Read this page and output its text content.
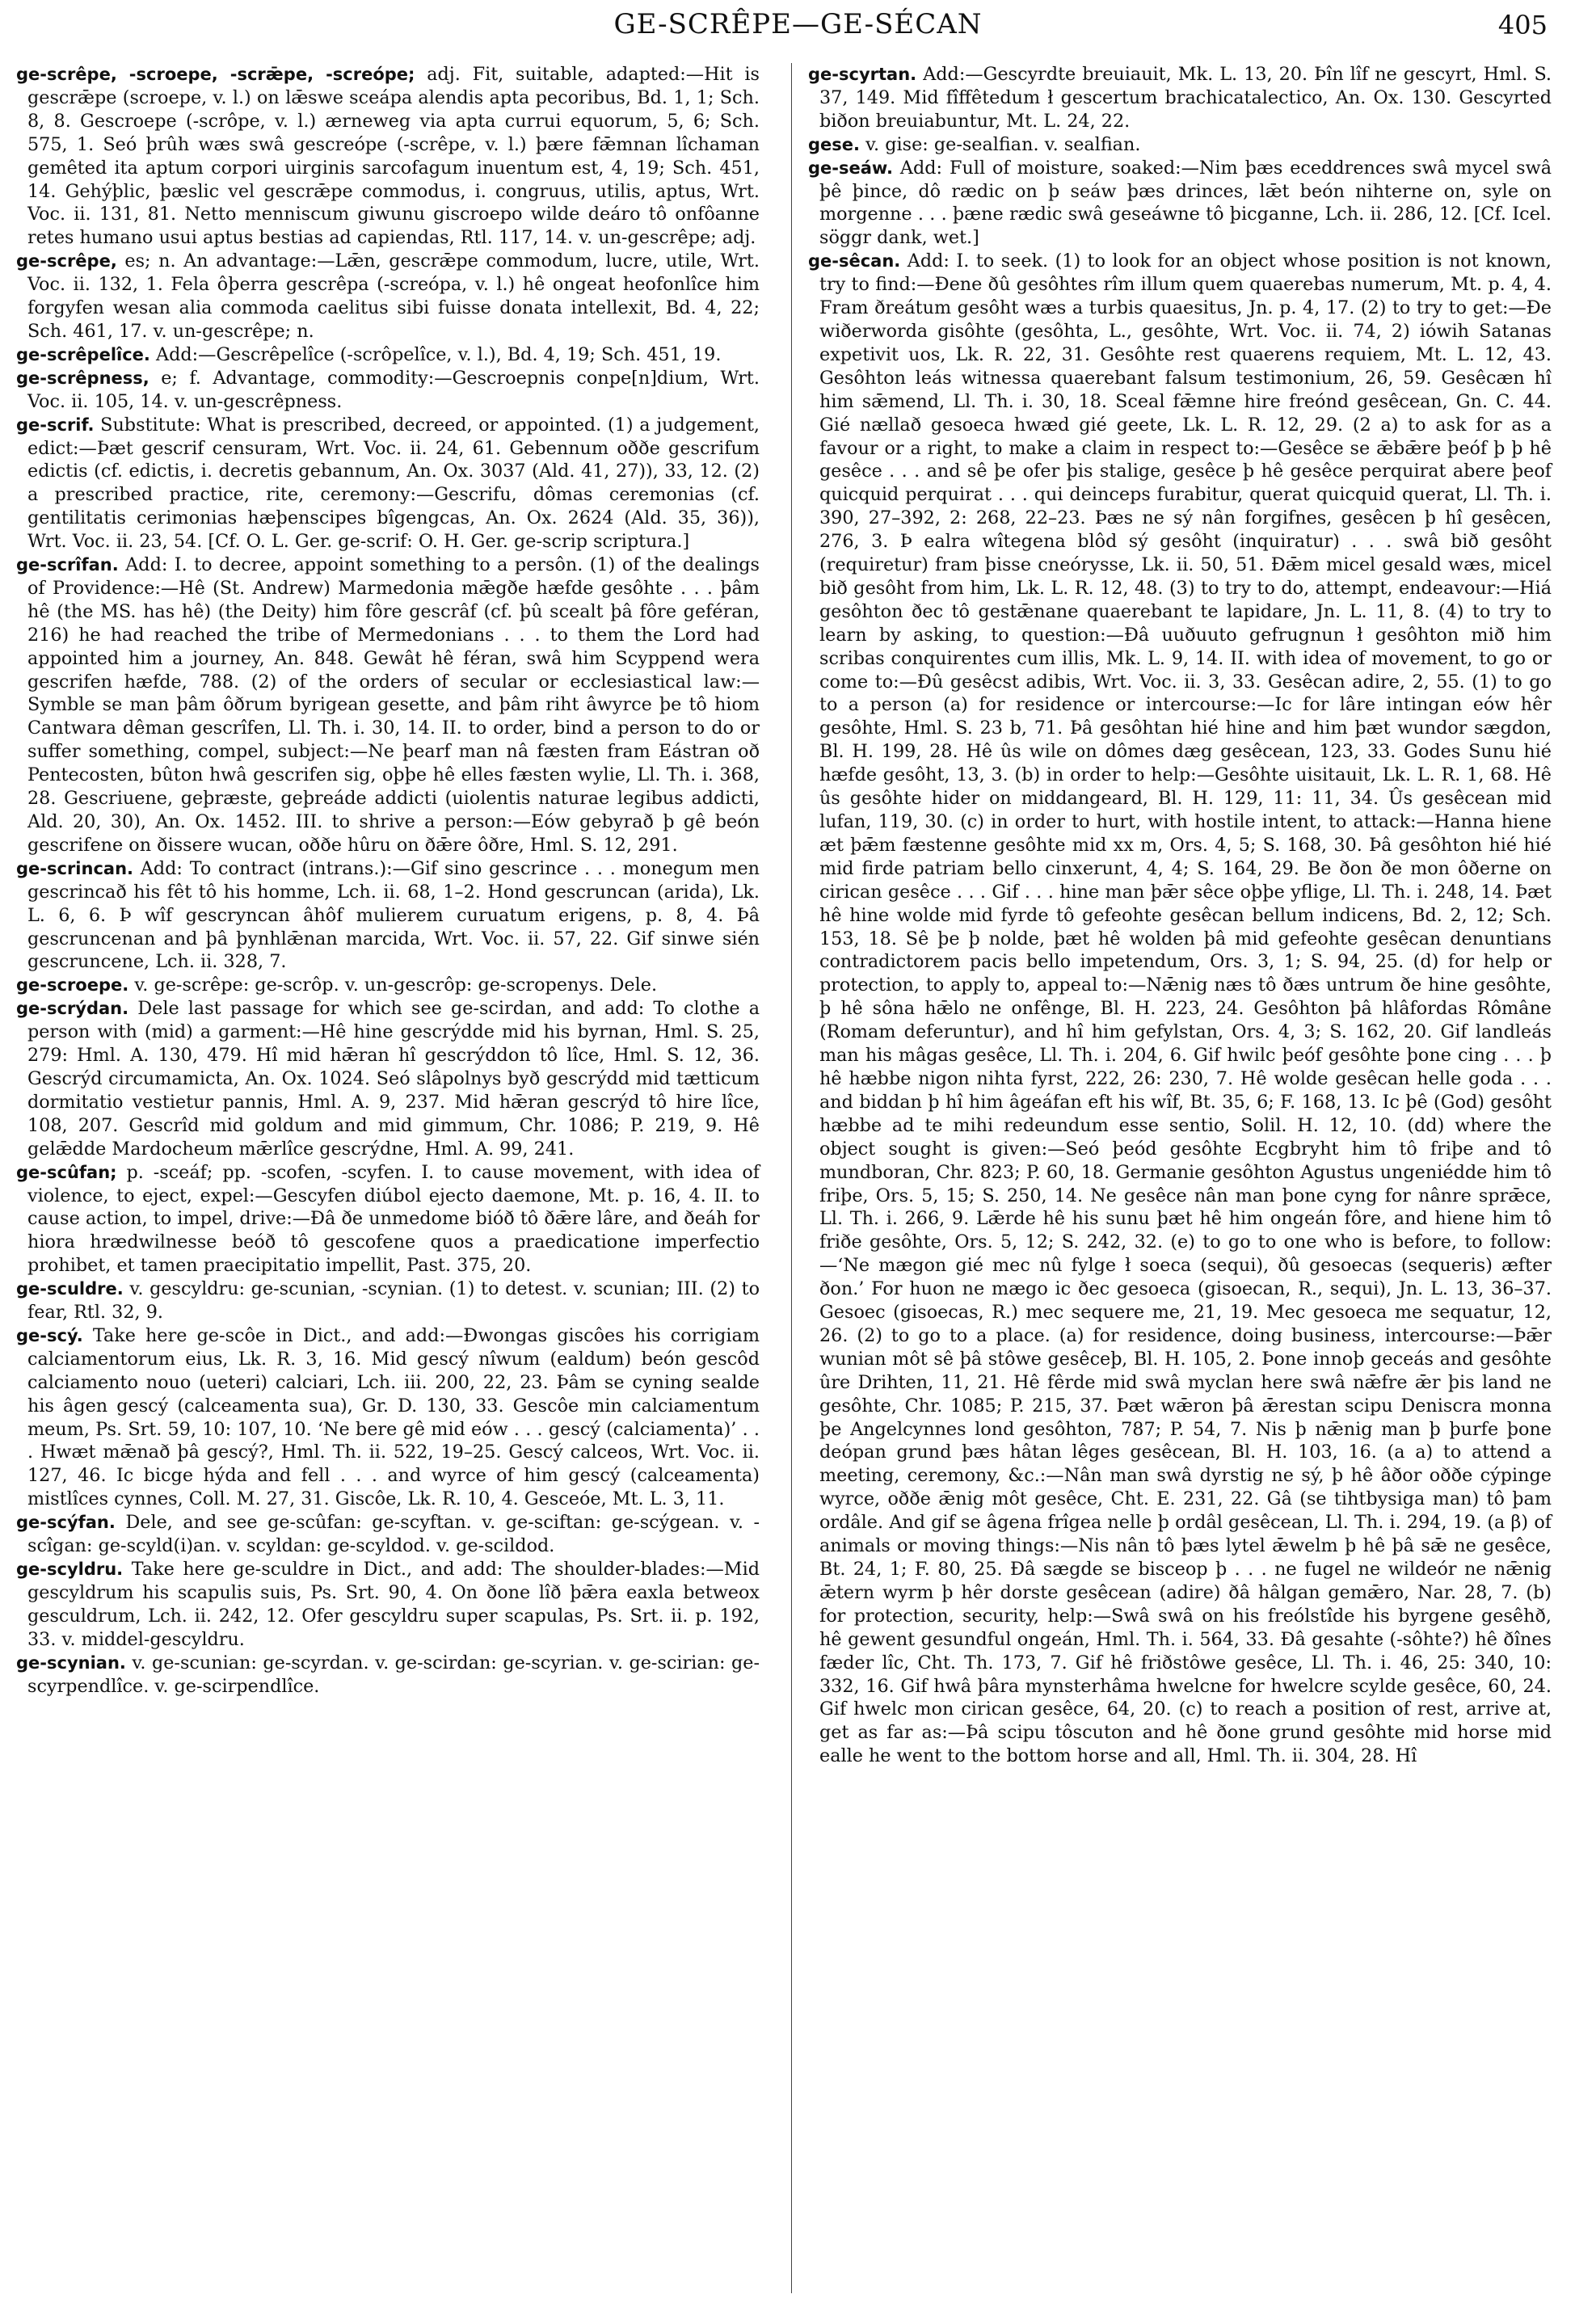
GE-SCRÊPE—GE-SÉCAN	405

ge-scrêpe, -scroepe, -scrǣpe, -screópe; adj. Fit, suitable, adapted:—Hit is gescrǣpe (scroepe, v. l.) on lǣswe sceápa alendis apta pecoribus, Bd. 1, 1; Sch. 8, 8. Gescroepe (-scrôpe, v. l.) ærneweg via apta currui equorum, 5, 6; Sch. 575, 1. Seó þrûh wæs swâ gescreópe (-scrêpe, v. l.) þære fǣmnan lîchaman gemêted ita aptum corpori uirginis sarcofagum inuentum est, 4, 19; Sch. 451, 14. Gehýþlic, þæslic vel gescrǣpe commodus, i. congruus, utilis, aptus, Wrt. Voc. ii. 131, 81. Netto menniscum giwunu giscroepo wilde deáro tô onfôanne retes humano usui aptus bestias ad capiendas, Rtl. 117, 14. v. un-gescrêpe; adj.

ge-scrêpe, es; n. An advantage:—Lǣn, gescrǣpe commodum, lucre, utile, Wrt. Voc. ii. 132, 1. Fela ôþerra gescrêpa (-screópa, v. l.) hê ongeat heofonlîce him forgyfen wesan alia commoda caelitus sibi fuisse donata intellexit, Bd. 4, 22; Sch. 461, 17. v. un-gescrêpe; n.

ge-scrêpelîce. Add:—Gescrêpelîce (-scrôpelîce, v. l.), Bd. 4, 19; Sch. 451, 19.

ge-scrêpness, e; f. Advantage, commodity:—Gescroepnis conpe[n]dium, Wrt. Voc. ii. 105, 14. v. un-gescrêpness.

ge-scrif. Substitute: What is prescribed, decreed, or appointed. (1) a judgement, edict:—Þæt gescrif censuram, Wrt. Voc. ii. 24, 61. Gebennum oððe gescrifum edictis (cf. edictis, i. decretis gebannum, An. Ox. 3037 (Ald. 41, 27)), 33, 12. (2) a prescribed practice, rite, ceremony:—Gescrifu, dômas ceremonias (cf. gentilitatis cerimonias hæþenscipes bîgengcas, An. Ox. 2624 (Ald. 35, 36)), Wrt. Voc. ii. 23, 54. [Cf. O. L. Ger. ge-scrif: O. H. Ger. ge-scrip scriptura.]

ge-scrîfan. Add: I. to decree, appoint something to a persôn. (1) of the dealings of Providence:—Hê (St. Andrew) Marmedonia mǣgðe hæfde gesôhte . . . þâm hê (the MS. has hê) (the Deity) him fôre gescrâf (cf. þû scealt þâ fôre geféran, 216) he had reached the tribe of Mermedonians . . . to them the Lord had appointed him a journey, An. 848. Gewât hê féran, swâ him Scyppend wera gescrifen hæfde, 788. (2) of the orders of secular or ecclesiastical law:—Symble se man þâm ôðrum byrigean gesette, and þâm riht âwyrce þe tô hiom Cantwara dêman gescrîfen, Ll. Th. i. 30, 14. II. to order, bind a person to do or suffer something, compel, subject:—Ne þearf man nâ fæsten fram Eástran oð Pentecosten, bûton hwâ gescrifen sig, oþþe hê elles fæsten wylie, Ll. Th. i. 368, 28. Gescriuene, geþræste, geþreáde addicti (uiolentis naturae legibus addicti, Ald. 20, 30), An. Ox. 1452. III. to shrive a person:—Eów gebyrað þ gê beón gescrifene on ðissere wucan, oððe hûru on ðǣre ôðre, Hml. S. 12, 291.

ge-scrincan. Add: To contract (intrans.):—Gif sino gescrince . . . monegum men gescrincað his fêt tô his homme, Lch. ii. 68, 1–2. Hond gescruncan (arida), Lk. L. 6, 6. Þ wîf gescryncan âhôf mulierem curuatum erigens, p. 8, 4. Þâ gescruncenan and þâ þynhlǣnan marcida, Wrt. Voc. ii. 57, 22. Gif sinwe sién gescruncene, Lch. ii. 328, 7.

ge-scroepe. v. ge-scrêpe: ge-scrôp. v. un-gescrôp: ge-scropenys. Dele.

ge-scrýdan. Dele last passage for which see ge-scirdan, and add: To clothe a person with (mid) a garment:—Hê hine gescrýdde mid his byrnan, Hml. S. 25, 279: Hml. A. 130, 479. Hî mid hǣran hî gescrýddon tô lîce, Hml. S. 12, 36. Gescrýd circumamicta, An. Ox. 1024. Seó slâpolnys byð gescrýdd mid tætticum dormitatio vestietur pannis, Hml. A. 9, 237. Mid hǣran gescrýd tô hire lîce, 108, 207. Gescrîd mid goldum and mid gimmum, Chr. 1086; P. 219, 9. Hê gelǣdde Mardocheum mǣrlîce gescrýdne, Hml. A. 99, 241.

ge-scûfan; p. -sceáf; pp. -scofen, -scyfen. I. to cause movement, with idea of violence, to eject, expel:—Gescyfen diúbol ejecto daemone, Mt. p. 16, 4. II. to cause action, to impel, drive:—Ðâ ðe unmedome bióð tô ðǣre lâre, and ðeáh for hiora hrædwilnesse beóð tô gescofene quos a praedicatione imperfectio prohibet, et tamen praecipitatio impellit, Past. 375, 20.

ge-sculdre. v. gescyldru: ge-scunian, -scynian. (1) to detest. v. scunian; III. (2) to fear, Rtl. 32, 9.

ge-scý. Take here ge-scôe in Dict., and add:—Ðwongas giscôes his corrigiam calciamentorum eius, Lk. R. 3, 16. Mid gescý nîwum (ealdum) beón gescôd calciamento nouo (ueteri) calciari, Lch. iii. 200, 22, 23. Þâm se cyning sealde his âgen gescý (calceamenta sua), Gr. D. 130, 33. Gescôe min calciamentum meum, Ps. Srt. 59, 10: 107, 10. ‘Ne bere gê mid eów . . . gescý (calciamenta)’ . . . Hwæt mǣnað þâ gescý?, Hml. Th. ii. 522, 19–25. Gescý calceos, Wrt. Voc. ii. 127, 46. Ic bicge hýda and fell . . . and wyrce of him gescý (calceamenta) mistlîces cynnes, Coll. M. 27, 31. Giscôe, Lk. R. 10, 4. Gesceóe, Mt. L. 3, 11.

ge-scýfan. Dele, and see ge-scûfan: ge-scyftan. v. ge-sciftan: ge-scýgean. v. -scîgan: ge-scyld(i)an. v. scyldan: ge-scyldod. v. ge-scildod.

ge-scyldru. Take here ge-sculdre in Dict., and add: The shoulder-blades:—Mid gescyldrum his scapulis suis, Ps. Srt. 90, 4. On ðone lîð þǣra eaxla betweox gesculdrum, Lch. ii. 242, 12. Ofer gescyldru super scapulas, Ps. Srt. ii. p. 192, 33. v. middel-gescyldru.

ge-scynian. v. ge-scunian: ge-scyrdan. v. ge-scirdan: ge-scyrian. v. ge-scirian: ge-scyrpendlîce. v. ge-scirpendlîce.

ge-scyrtan. Add:—Gescyrdte breuiauit, Mk. L. 13, 20. Þîn lîf ne gescyrt, Hml. S. 37, 149. Mid fîffêtedum ł gescertum brachicatalectico, An. Ox. 130. Gescyrted biðon breuiabuntur, Mt. L. 24, 22.

gese. v. gise: ge-sealfian. v. sealfian.

ge-seáw. Add: Full of moisture, soaked:—Nim þæs eceddrences swâ mycel swâ þê þince, dô rædic on þ seáw þæs drinces, lǣt beón nihterne on, syle on morgenne . . . þæne rædic swâ geseáwne tô þicganne, Lch. ii. 286, 12. [Cf. Icel. söggr dank, wet.]

ge-sêcan. Add: I. to seek. (1) to look for an object whose position is not known, try to find:—Ðene ðû gesôhtes rîm illum quem quaerebas numerum, Mt. p. 4, 4. Fram ðreátum gesôht wæs a turbis quaesitus, Jn. p. 4, 17. (2) to try to get:—Ðe wiðerworda gisôhte (gesôhta, L., gesôhte, Wrt. Voc. ii. 74, 2) iówih Satanas expetivit uos, Lk. R. 22, 31. Gesôhte rest quaerens requiem, Mt. L. 12, 43. Gesôhton leás witnessa quaerebant falsum testimonium, 26, 59. Gesêcæn hî him sǣmend, Ll. Th. i. 30, 18. Sceal fǣmne hire freónd gesêcean, Gn. C. 44. Gié nællað gesoeca hwæd gié geete, Lk. L. R. 12, 29. (2 a) to ask for as a favour or a right, to make a claim in respect to:—Gesêce se ǣbǣre þeóf þ þ hê gesêce . . . and sê þe ofer þis stalige, gesêce þ hê gesêce perquirat abere þeof quicquid perquirat . . . qui deinceps furabitur, querat quicquid querat, Ll. Th. i. 390, 27–392, 2: 268, 22–23. Þæs ne sý nân forgifnes, gesêcen þ hî gesêcen, 276, 3. Þ ealra wîtegena blôd sý gesôht (inquiratur) . . . swâ bið gesôht (requiretur) fram þisse cneórysse, Lk. ii. 50, 51. Ðǣm micel gesald wæs, micel bið gesôht from him, Lk. L. R. 12, 48. (3) to try to do, attempt, endeavour:—Hiá gesôhton ðec tô gestǣnane quaerebant te lapidare, Jn. L. 11, 8. (4) to try to learn by asking, to question:—Ðâ uuðuuto gefrugnun ł gesôhton mið him scribas conquirentes cum illis, Mk. L. 9, 14. II. with idea of movement, to go or come to:—Ðû gesêcst adibis, Wrt. Voc. ii. 3, 33. Gesêcan adire, 2, 55. (1) to go to a person (a) for residence or intercourse:—Ic for lâre intingan eów hêr gesôhte, Hml. S. 23 b, 71. Þâ gesôhtan hié hine and him þæt wundor sægdon, Bl. H. 199, 28. Hê ûs wile on dômes dæg gesêcean, 123, 33. Godes Sunu hié hæfde gesôht, 13, 3. (b) in order to help:—Gesôhte uisitauit, Lk. L. R. 1, 68. Hê ûs gesôhte hider on middangeard, Bl. H. 129, 11: 11, 34. Ûs gesêcean mid lufan, 119, 30. (c) in order to hurt, with hostile intent, to attack:—Hanna hiene æt þǣm fæstenne gesôhte mid xx m, Ors. 4, 5; S. 168, 30. Þâ gesôhton hié hié mid firde patriam bello cinxerunt, 4, 4; S. 164, 29. Be ðon ðe mon ôðerne on cirican gesêce . . . Gif . . . hine man þǣr sêce oþþe yflige, Ll. Th. i. 248, 14. Þæt hê hine wolde mid fyrde tô gefeohte gesêcan bellum indicens, Bd. 2, 12; Sch. 153, 18. Sê þe þ nolde, þæt hê wolden þâ mid gefeohte gesêcan denuntians contradictorem pacis bello impetendum, Ors. 3, 1; S. 94, 25. (d) for help or protection, to apply to, appeal to:—Nǣnig næs tô ðæs untrum ðe hine gesôhte, þ hê sôna hǣlo ne onfênge, Bl. H. 223, 24. Gesôhton þâ hlâfordas Rômâne (Romam deferuntur), and hî him gefylstan, Ors. 4, 3; S. 162, 20. Gif landleás man his mâgas gesêce, Ll. Th. i. 204, 6. Gif hwilc þeóf gesôhte þone cing . . . þ hê hæbbe nigon nihta fyrst, 222, 26: 230, 7. Hê wolde gesêcan helle goda . . . and biddan þ hî him âgeáfan eft his wîf, Bt. 35, 6; F. 168, 13. Ic þê (God) gesôht hæbbe ad te mihi redeundum esse sentio, Solil. H. 12, 10. (dd) where the object sought is given:—Seó þeód gesôhte Ecgbryht him tô friþe and tô mundboran, Chr. 823; P. 60, 18. Germanie gesôhton Agustus ungeniédde him tô friþe, Ors. 5, 15; S. 250, 14. Ne gesêce nân man þone cyng for nânre sprǣce, Ll. Th. i. 266, 9. Lǣrde hê his sunu þæt hê him ongeán fôre, and hiene him tô friðe gesôhte, Ors. 5, 12; S. 242, 32. (e) to go to one who is before, to follow:—‘Ne mægon gié mec nû fylge ł soeca (sequi), ðû gesoecas (sequeris) æfter ðon.’ For huon ne mægo ic ðec gesoeca (gisoecan, R., sequi), Jn. L. 13, 36–37. Gesoec (gisoecas, R.) mec sequere me, 21, 19. Mec gesoeca me sequatur, 12, 26. (2) to go to a place. (a) for residence, doing business, intercourse:—Þǣr wunian môt sê þâ stôwe gesêceþ, Bl. H. 105, 2. Þone innoþ geceás and gesôhte ûre Drihten, 11, 21. Hê fêrde mid swâ myclan here swâ nǣfre ǣr þis land ne gesôhte, Chr. 1085; P. 215, 37. Þæt wǣron þâ ǣrestan scipu Deniscra monna þe Angelcynnes lond gesôhton, 787; P. 54, 7. Nis þ nǣnig man þ þurfe þone deópan grund þæs hâtan lêges gesêcean, Bl. H. 103, 16. (a a) to attend a meeting, ceremony, &c.:—Nân man swâ dyrstig ne sý, þ hê âðor oððe cýpinge wyrce, oððe ǣnig môt gesêce, Cht. E. 231, 22. Gâ (se tihtbysiga man) tô þam ordâle. And gif se âgena frîgea nelle þ ordâl gesêcean, Ll. Th. i. 294, 19. (a β) of animals or moving things:—Nis nân tô þæs lytel ǣwelm þ hê þâ sǣ ne gesêce, Bt. 24, 1; F. 80, 25. Ðâ sægde se bisceop þ . . . ne fugel ne wildeór ne nǣnig ǣtern wyrm þ hêr dorste gesêcean (adire) ðâ hâlgan gemǣro, Nar. 28, 7. (b) for protection, security, help:—Swâ swâ on his freólstîde his byrgene gesêhð, hê gewent gesundful ongeán, Hml. Th. i. 564, 33. Ðâ gesahte (-sôhte?) hê ðînes fæder lîc, Cht. Th. 173, 7. Gif hê friðstôwe gesêce, Ll. Th. i. 46, 25: 340, 10: 332, 16. Gif hwâ þâra mynsterhâma hwelcne for hwelcre scylde gesêce, 60, 24. Gif hwelc mon cirican gesêce, 64, 20. (c) to reach a position of rest, arrive at, get as far as:—Þâ scipu tôscuton and hê ðone grund gesôhte mid horse mid ealle he went to the bottom horse and all, Hml. Th. ii. 304, 28. Hî
